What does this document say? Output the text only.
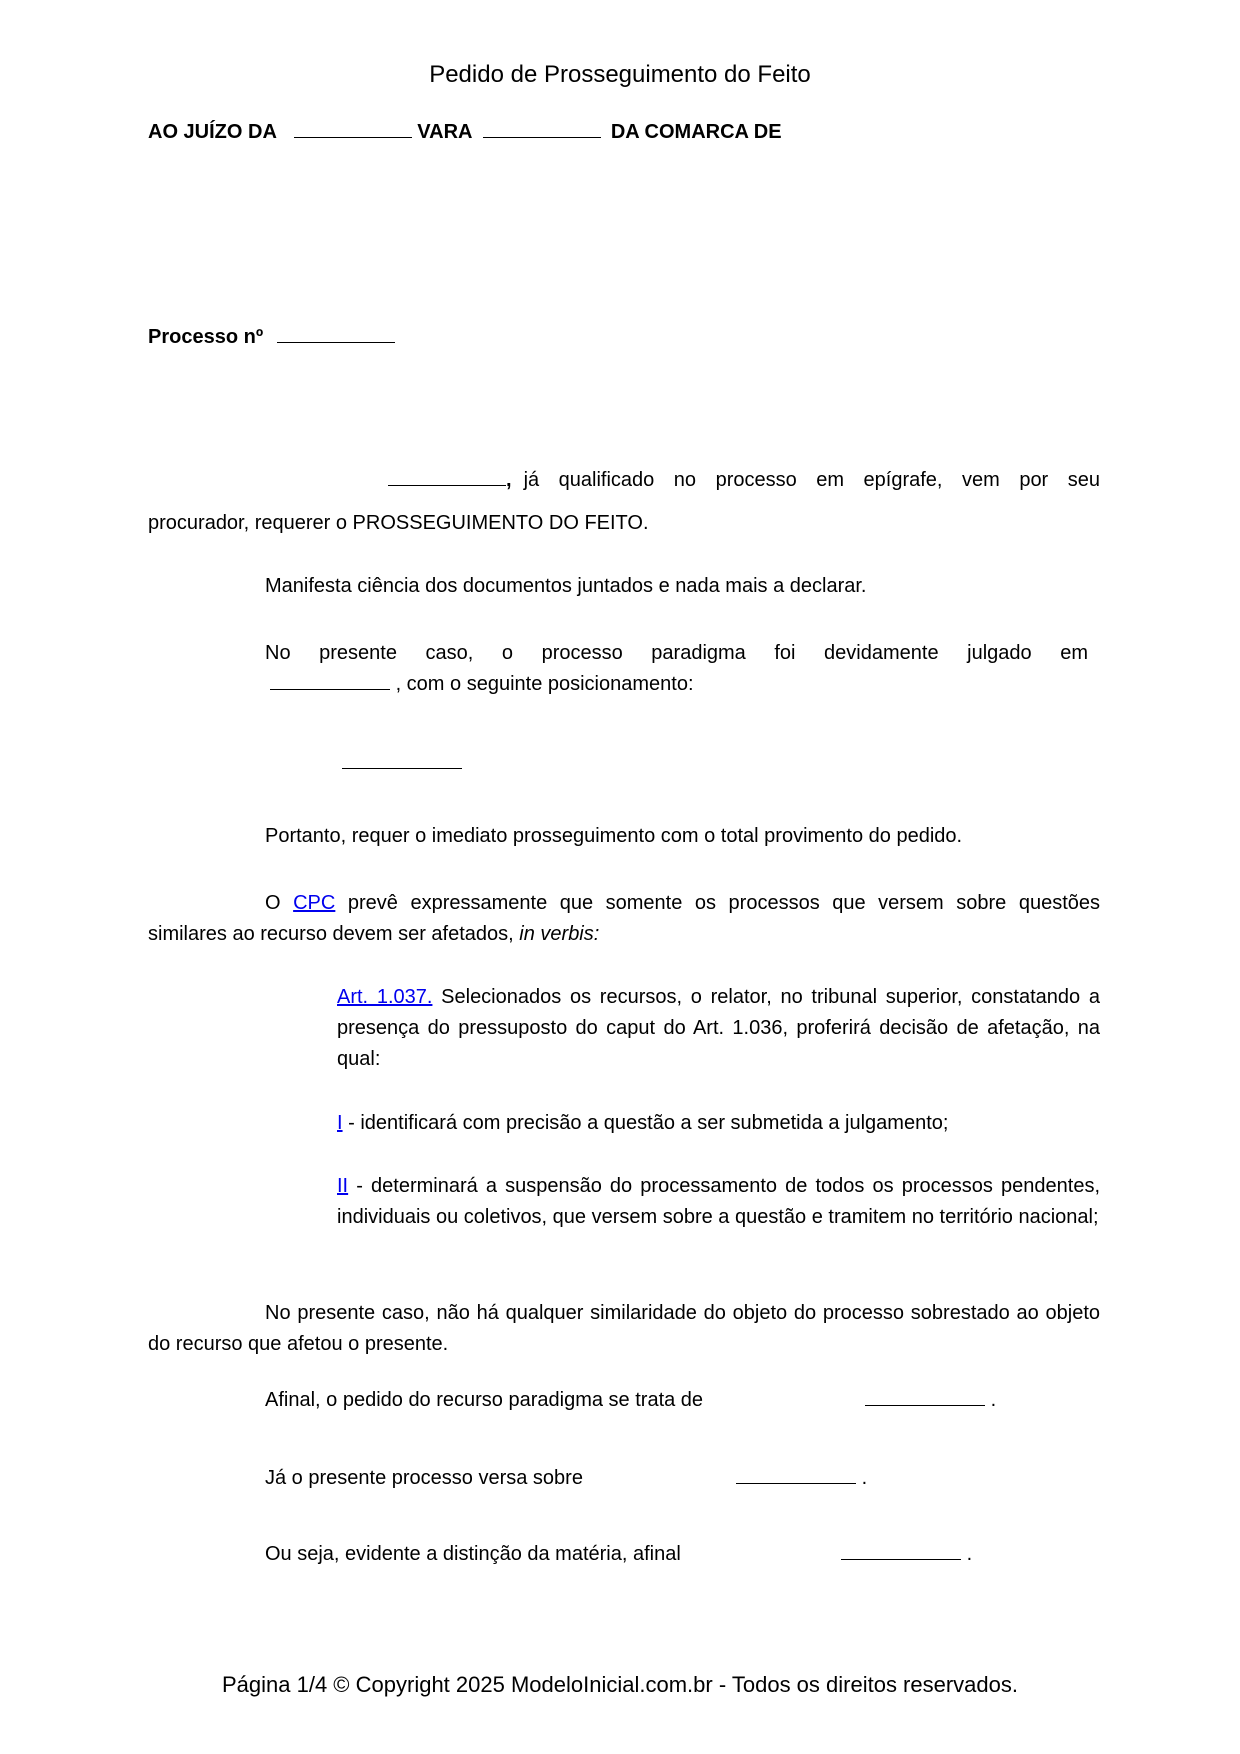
Pedido de Prosseguimento do Feito
AO JUÍZO DA	VARA	DA COMARCA DE
Processo nº
, já qualificado no processo em epígrafe, vem por seu
procurador, requerer o PROSSEGUIMENTO DO FEITO.
Manifesta ciência dos documentos juntados e nada mais a declarar.
No presente caso, o processo paradigma foi devidamente julgado em
, com o seguinte posicionamento:
Portanto, requer o imediato prosseguimento com o total provimento do pedido.
O CPC prevê expressamente que somente os processos que versem sobre questões similares ao recurso devem ser afetados, in verbis:
Art. 1.037. Selecionados os recursos, o relator, no tribunal superior, constatando a presença do pressuposto do caput do Art. 1.036, proferirá decisão de afetação, na qual:
I - identificará com precisão a questão a ser submetida a julgamento;
II - determinará a suspensão do processamento de todos os processos pendentes, individuais ou coletivos, que versem sobre a questão e tramitem no território nacional;
No presente caso, não há qualquer similaridade do objeto do processo sobrestado ao objeto do recurso que afetou o presente.
Afinal, o pedido do recurso paradigma se trata de	.
Já o presente processo versa sobre	.
Ou seja, evidente a distinção da matéria, afinal	.
Página 1/4 © Copyright 2025 ModeloInicial.com.br - Todos os direitos reservados.
